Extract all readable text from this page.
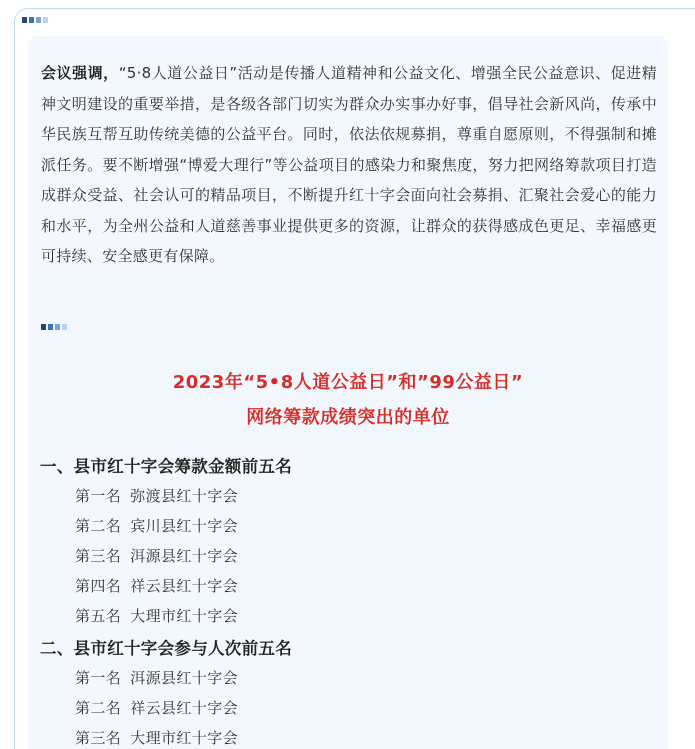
会议强调，“5·8人道公益日”活动是传播人道精神和公益文化、增强全民公益意识、促进精神文明建设的重要举措，是各级各部门切实为群众办实事办好事，倡导社会新风尚，传承中华民族互帮互助传统美德的公益平台。同时，依法依规募捐，尊重自愿原则，不得强制和摊派任务。要不断增强“博爱大理行”等公益项目的感染力和聚焦度，努力把网络筹款项目打造成群众受益、社会认可的精品项目，不断提升红十字会面向社会募捐、汇聚社会爱心的能力和水平，为全州公益和人道慈善事业提供更多的资源，让群众的获得感成色更足、幸福感更可持续、安全感更有保障。

2023年“5•8人道公益日”和”99公益日”
网络筹款成绩突出的单位
一、县市红十字会筹款金额前五名
第一名 弥渡县红十字会
第二名 宾川县红十字会
第三名 洱源县红十字会
第四名 祥云县红十字会
第五名 大理市红十字会
二、县市红十字会参与人次前五名
第一名 洱源县红十字会
第二名 祥云县红十字会
第三名 大理市红十字会
